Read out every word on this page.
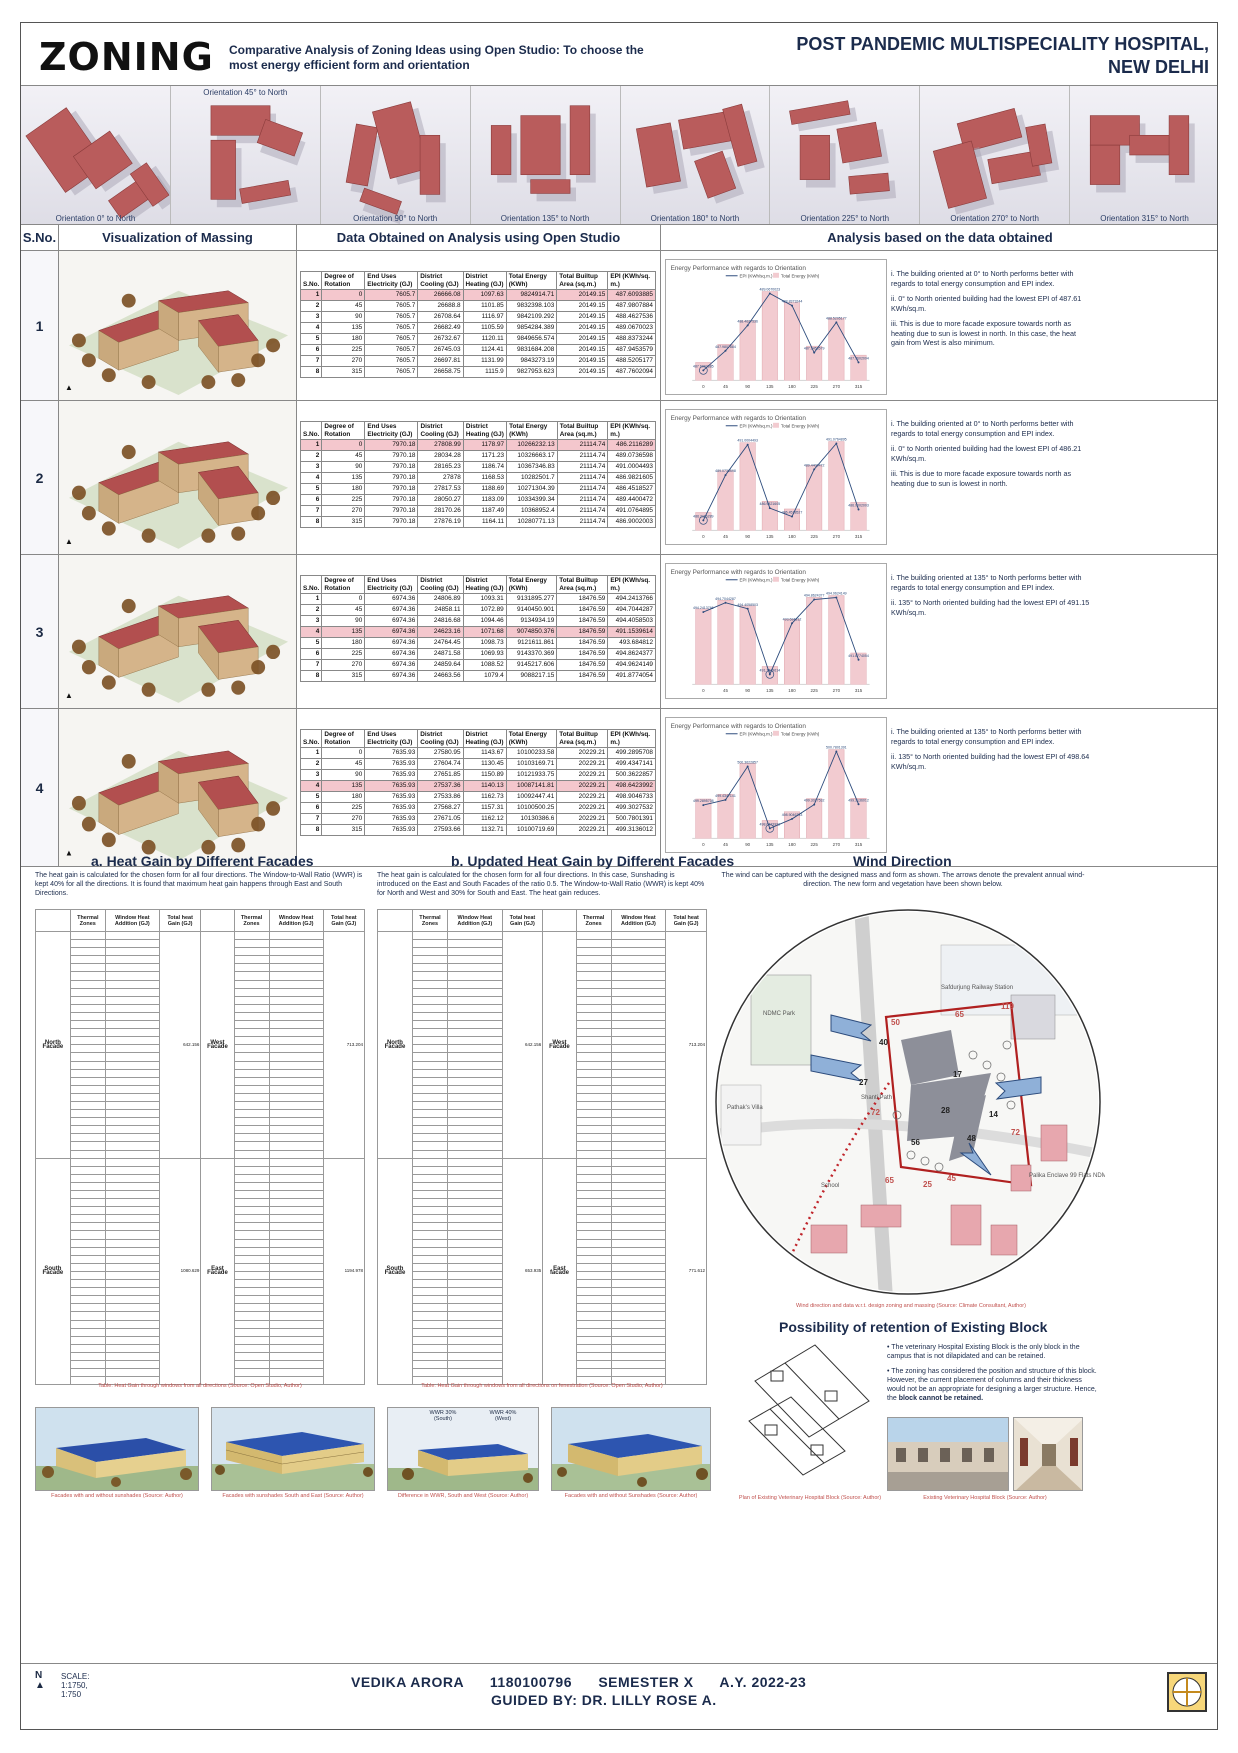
ZONING Comparative Analysis of Zoning Ideas using Open Studio: To choose the most energy efficient form and orientation
POST PANDEMIC MULTISPECIALITY HOSPITAL,
NEW DELHI
Orientation 0° to North
Orientation 45° to North
Orientation 90° to North	Orientation 135° to North	Orientation 180° to North	Orientation 225° to North	Orientation 270° to North	Orientation 315° to North
S.No.	Visualization of Massing	Data Obtained on Analysis using Open Studio	Analysis based on the data obtained
1
▲
S.No.	Degree of Rotation	End Uses Electricity (GJ)	District Cooling (GJ)	District Heating (GJ)	Total Energy (KWh)	Total Builtup Area (sq.m.)	EPI (KWh/sq. m.)
1	0	7605.7	26666.08	1097.63	9824914.71	20149.15	487.6093885
2	45	7605.7	26688.8	1101.85	9832398.103	20149.15	487.9807884
3	90	7605.7	26708.64	1116.97	9842109.292	20149.15	488.4627536
4	135	7605.7	26682.49	1105.59	9854284.389	20149.15	489.0670023
5	180	7605.7	26732.67	1120.11	9849656.574	20149.15	488.8373244
6	225	7605.7	26745.03	1124.41	9831684.208	20149.15	487.9453579
7	270	7605.7	26697.81	1131.99	9843273.19	20149.15	488.5205177
8	315	7605.7	26658.75	1115.9	9827953.623	20149.15	487.7602094
Energy Performance with regards to Orientation
EPI (KWh/sq.m.) Total Energy (KWh)
0
487.6093885
45
487.9807884
90
488.4627536
135
489.0670023
180
488.8373244
225
487.9453579
270
488.5205177
315
487.7602094

i. The building oriented at 0° to North performs better with regards to total energy consumption and EPI index.

ii. 0° to North oriented building had the lowest EPI of 487.61 KWh/sq.m.

iii. This is due to more facade exposure towards north as heating due to sun is lowest in north. In this case, the heat gain from West is also minimum.

2
▲
S.No.	Degree of Rotation	End Uses Electricity (GJ)	District Cooling (GJ)	District Heating (GJ)	Total Energy (KWh)	Total Builtup Area (sq.m.)	EPI (KWh/sq. m.)
1	0	7970.18	27808.99	1178.97	10266232.13	21114.74	486.2116289
2	45	7970.18	28034.28	1171.23	10326663.17	21114.74	489.0736598
3	90	7970.18	28165.23	1186.74	10367346.83	21114.74	491.0004493
4	135	7970.18	27878	1168.53	10282501.7	21114.74	486.9821605
5	180	7970.18	27817.53	1188.69	10271304.39	21114.74	486.4518527
6	225	7970.18	28050.27	1183.09	10334399.34	21114.74	489.4400472
7	270	7970.18	28170.26	1187.49	10368952.4	21114.74	491.0764895
8	315	7970.18	27876.19	1164.11	10280771.13	21114.74	486.9002003
Energy Performance with regards to Orientation
EPI (KWh/sq.m.) Total Energy (KWh)
0
486.2116289
45
489.0736598
90
491.0004493
135
486.9821605
180
486.4518527
225
489.4400472
270
491.0764895
315
486.9002003

i. The building oriented at 0° to North performs better with regards to total energy consumption and EPI index.

ii. 0° to North oriented building had the lowest EPI of 486.21 KWh/sq.m.

iii. This is due to more facade exposure towards north as heating due to sun is lowest in north.

3
▲
S.No.	Degree of Rotation	End Uses Electricity (GJ)	District Cooling (GJ)	District Heating (GJ)	Total Energy (KWh)	Total Builtup Area (sq.m.)	EPI (KWh/sq. m.)
1	0	6974.36	24806.89	1093.31	9131895.277	18476.59	494.2413766
2	45	6974.36	24858.11	1072.89	9140450.901	18476.59	494.7044287
3	90	6974.36	24816.68	1094.46	9134934.19	18476.59	494.4058503
4	135	6974.36	24623.16	1071.68	9074850.376	18476.59	491.1539614
5	180	6974.36	24764.45	1098.73	9121611.861	18476.59	493.684812
6	225	6974.36	24871.58	1069.93	9143370.369	18476.59	494.8624377
7	270	6974.36	24859.64	1088.52	9145217.606	18476.59	494.9624149
8	315	6974.36	24663.56	1079.4	9088217.15	18476.59	491.8774054
Energy Performance with regards to Orientation
EPI (KWh/sq.m.) Total Energy (KWh)
0
494.2413766
45
494.7044287
90
494.4058503
135
491.1539614
180
493.684812
225
494.8624377
270
494.9624149
315
491.8774054

i. The building oriented at 135° to North performs better with regards to total energy consumption and EPI index.

ii. 135° to North oriented building had the lowest EPI of 491.15 KWh/sq.m.

4
▲
S.No.	Degree of Rotation	End Uses Electricity (GJ)	District Cooling (GJ)	District Heating (GJ)	Total Energy (KWh)	Total Builtup Area (sq.m.)	EPI (KWh/sq. m.)
1	0	7635.93	27580.95	1143.67	10100233.58	20229.21	499.2895708
2	45	7635.93	27604.74	1130.45	10103169.71	20229.21	499.4347141
3	90	7635.93	27651.85	1150.89	10121933.75	20229.21	500.3622857
4	135	7635.93	27537.36	1140.13	10087141.81	20229.21	498.6423992
5	180	7635.93	27533.86	1162.73	10092447.41	20229.21	498.9046733
6	225	7635.93	27568.27	1157.31	10100500.25	20229.21	499.3027532
7	270	7635.93	27671.05	1162.12	10130386.6	20229.21	500.7801391
8	315	7635.93	27593.66	1132.71	10100719.69	20229.21	499.3136012
Energy Performance with regards to Orientation
EPI (KWh/sq.m.) Total Energy (KWh)
0
499.2895708
45
499.4347141
90
500.3622857
135
498.6423992
180
498.9046733
225
499.3027532
270
500.7801391
315
499.3136012

i. The building oriented at 135° to North performs better with regards to total energy consumption and EPI index.

ii. 135° to North oriented building had the lowest EPI of 498.64 KWh/sq.m.

a. Heat Gain by Different Facades
The heat gain is calculated for the chosen form for all four directions. The Window-to-Wall Ratio (WWR) is kept 40% for all the directions. It is found that maximum heat gain happens through East and South Directions.
b. Updated Heat Gain by Different Facades
The heat gain is calculated for the chosen form for all four directions. In this case, Sunshading is introduced on the East and South Facades of the ratio 0.5. The Window-to-Wall Ratio (WWR) is kept 40% for North and West and 30% for South and East. The heat gain reduces.
	Thermal Zones	Window Heat Addition (GJ)	Total heat Gain (GJ)		Thermal Zones	Window Heat Addition (GJ)	Total heat Gain (GJ)
North Facade			642.156	West Facade			713.204

South Facade			1080.629	East Facade			1194.978

	Thermal Zones	Window Heat Addition (GJ)	Total heat Gain (GJ)		Thermal Zones	Window Heat Addition (GJ)	Total heat Gain (GJ)
North Facade			642.156	West Facade			713.204

South Facade			653.935	East facade			771.612

Table: Heat Gain through windows from all directions (Source: Open Studio, Author)	Table: Heat Gain through windows from all directions on fenestration (Source: Open Studio, Author)
Facades with and without sunshades (Source: Author)	Facades with sunshades South and East (Source: Author)
WWR 30% (South)
WWR 40% (West)
Difference in WWR, South and West (Source: Author)	Facades with and without Sunshades (Source: Author)
Wind Direction
The wind can be captured with the designed mass and form as shown. The arrows denote the prevalent annual wind-direction. The new form and vegetation have been shown below.
NDMC Park
Safdurjung Railway Station
Pathak's Villa
Shanti Path
School
Palika Enclave 99 Flats NDMC
40
50
65
119
27
17
28	14
48
72
56
65	45
25
72
Wind direction and data w.r.t. design zoning and massing (Source: Climate Consultant, Author)
Possibility of retention of Existing Block
Plan of Existing Veterinary Hospital Block (Source: Author)

• The veterinary Hospital Existing Block is the only block in the campus that is not dilapidated and can be retained.

• The zoning has considered the position and structure of this block. However, the current placement of columns and their thickness would not be an appropriate for designing a larger structure. Hence, the block cannot be retained.

Existing Veterinary Hospital Block (Source: Author)
N
▲
SCALE:
1:1750,
1:750
VEDIKA ARORA      1180100796      SEMESTER X      A.Y. 2022-23
GUIDED BY: DR. LILLY ROSE A.
